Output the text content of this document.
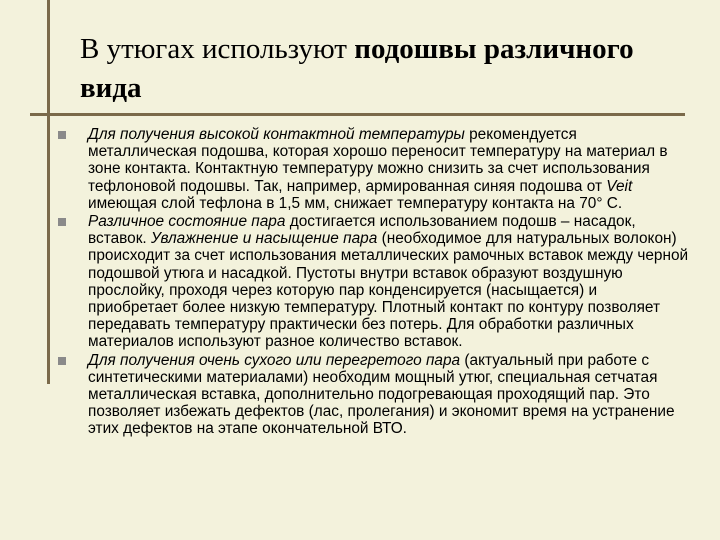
В утюгах используют подошвы различного вида

Для получения высокой контактной температуры рекомендуется металлическая подошва, которая хорошо переносит температуру на материал в зоне контакта. Контактную температуру можно снизить за счет использования тефлоновой подошвы. Так, например, армированная синяя подошва от Veit имеющая слой тефлона в 1,5 мм, снижает температуру контакта на 70° С.

Различное состояние пара достигается использованием подошв – насадок, вставок. Увлажнение и насыщение пара (необходимое для натуральных волокон) происходит за счет использования металлических рамочных вставок между черной подошвой утюга и насадкой. Пустоты внутри вставок образуют воздушную прослойку, проходя через которую пар конденсируется (насыщается) и приобретает более низкую температуру. Плотный контакт по контуру позволяет передавать температуру практически без потерь. Для обработки различных материалов используют разное количество вставок.

Для получения очень сухого или перегретого пара (актуальный при работе с синтетическими материалами) необходим мощный утюг, специальная сетчатая металлическая вставка, дополнительно подогревающая проходящий пар. Это позволяет избежать дефектов (лас, пролегания) и экономит время на устранение этих дефектов на этапе окончательной ВТО.
